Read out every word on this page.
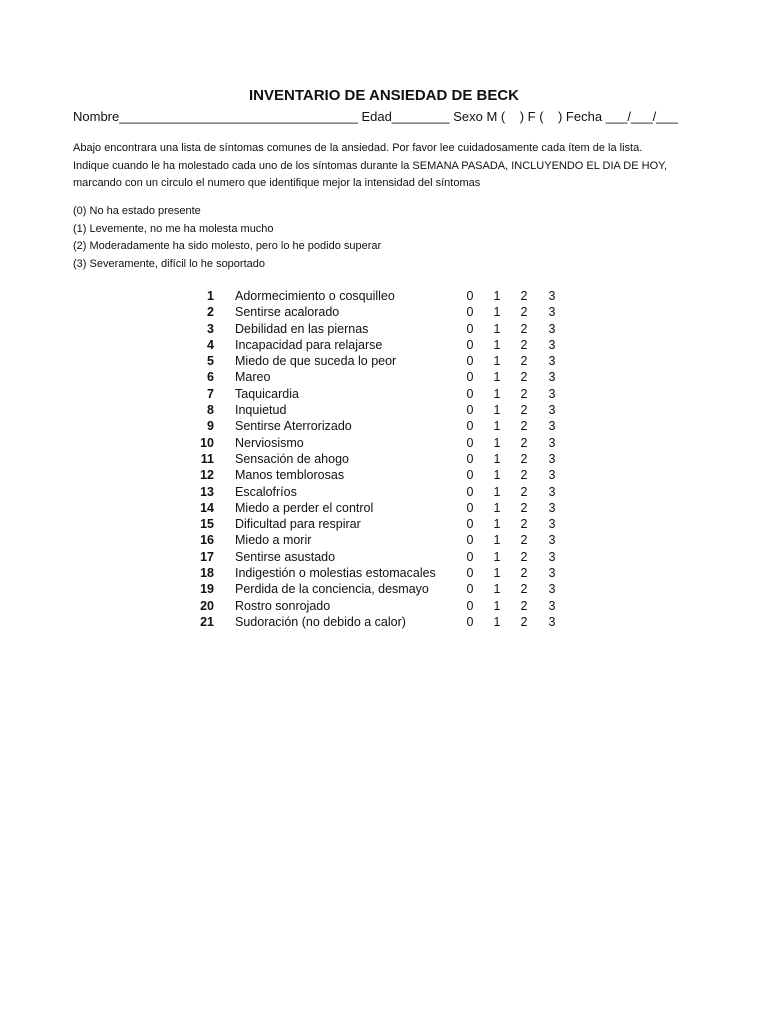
INVENTARIO DE ANSIEDAD DE BECK
Nombre_________________________________ Edad________ Sexo M (    ) F (    ) Fecha ___/___/___
Abajo encontrara una lista de síntomas comunes de la ansiedad. Por favor lee cuidadosamente cada ítem de la lista.
Indique cuando le ha molestado cada uno de los síntomas durante la SEMANA PASADA, INCLUYENDO EL DIA DE HOY,
marcando con un circulo el numero que identifique mejor la intensidad del síntomas
(0) No ha estado presente
(1) Levemente, no me ha molesta mucho
(2) Moderadamente ha sido molesto, pero lo he podido superar
(3) Severamente, difícil lo he soportado
1 Adormecimiento o cosquilleo	0 1 2 3
2 Sentirse acalorado	0 1 2 3
3 Debilidad en las piernas	0 1 2 3
4 Incapacidad para relajarse	0 1 2 3
5 Miedo de que suceda lo peor	0 1 2 3
6 Mareo	0 1 2 3
7 Taquicardia	0 1 2 3
8 Inquietud	0 1 2 3
9 Sentirse Aterrorizado	0 1 2 3
10 Nerviosismo	0 1 2 3
11 Sensación de ahogo	0 1 2 3
12 Manos temblorosas	0 1 2 3
13 Escalofríos	0 1 2 3
14 Miedo a perder el control	0 1 2 3
15 Dificultad para respirar	0 1 2 3
16 Miedo a morir	0 1 2 3
17 Sentirse asustado	0 1 2 3
18 Indigestión o molestias estomacales 0 1 2 3
19 Perdida de la conciencia, desmayo	0 1 2 3
20 Rostro sonrojado	0 1 2 3
21 Sudoración (no debido a calor)	0 1 2 3
